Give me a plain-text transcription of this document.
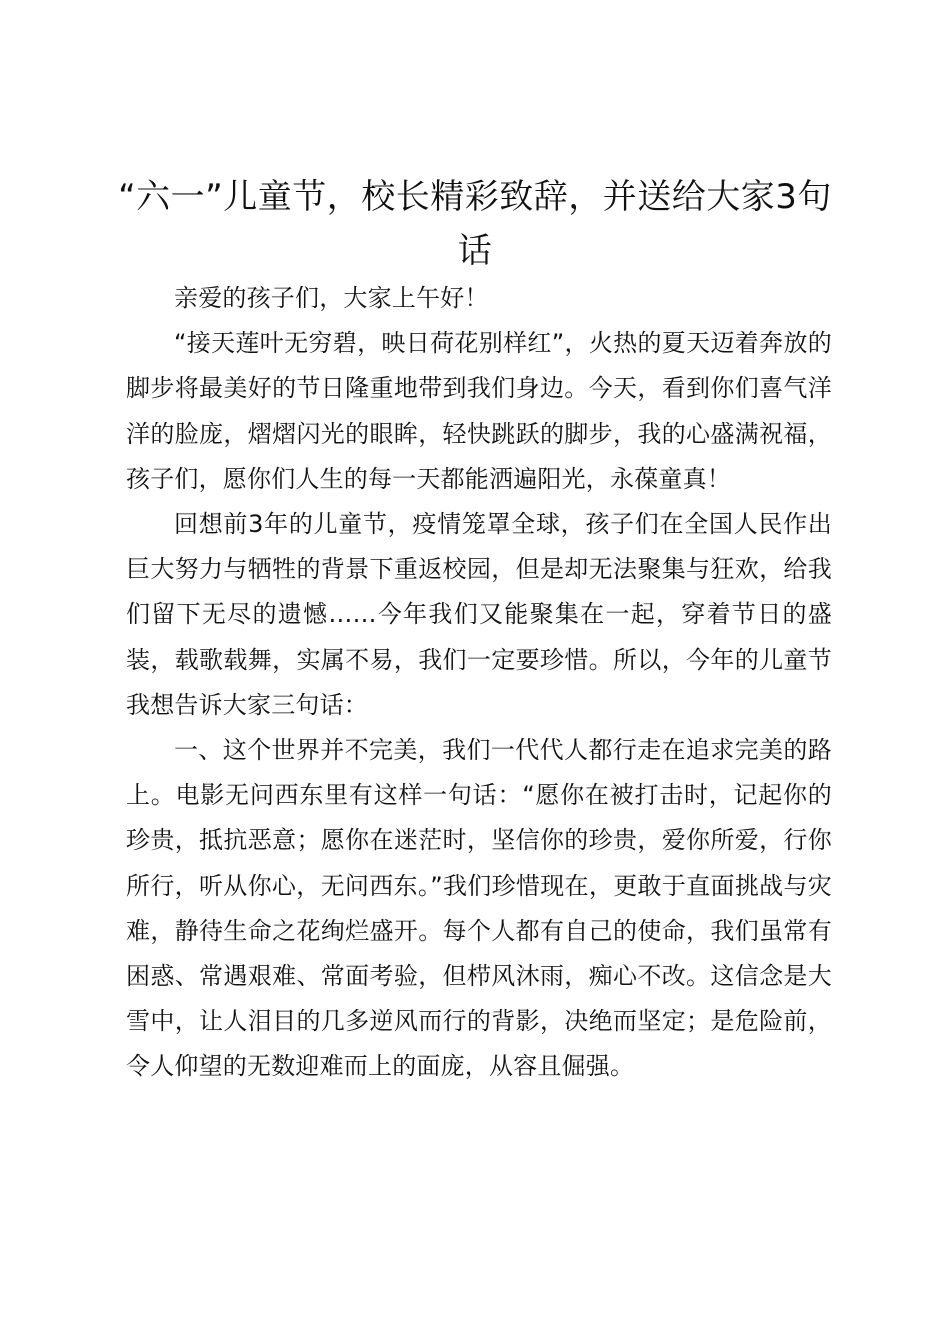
“六一”儿童节，校长精彩致辞，并送给大家3句话

亲爱的孩子们，大家上午好！

“接天莲叶无穷碧，映日荷花别样红”，火热的夏天迈着奔放的脚步将最美好的节日隆重地带到我们身边。今天，看到你们喜气洋洋的脸庞，熠熠闪光的眼眸，轻快跳跃的脚步，我的心盛满祝福，孩子们，愿你们人生的每一天都能洒遍阳光，永葆童真！

回想前3年的儿童节，疫情笼罩全球，孩子们在全国人民作出巨大努力与牺牲的背景下重返校园，但是却无法聚集与狂欢，给我们留下无尽的遗憾……今年我们又能聚集在一起，穿着节日的盛装，载歌载舞，实属不易，我们一定要珍惜。所以，今年的儿童节我想告诉大家三句话：

一、这个世界并不完美，我们一代代人都行走在追求完美的路上。电影无问西东里有这样一句话：“愿你在被打击时，记起你的珍贵，抵抗恶意；愿你在迷茫时，坚信你的珍贵，爱你所爱，行你所行，听从你心，无问西东。”我们珍惜现在，更敢于直面挑战与灾难，静待生命之花绚烂盛开。每个人都有自己的使命，我们虽常有困惑、常遇艰难、常面考验，但栉风沐雨，痴心不改。这信念是大雪中，让人泪目的几多逆风而行的背影，决绝而坚定；是危险前，令人仰望的无数迎难而上的面庞，从容且倔强。
